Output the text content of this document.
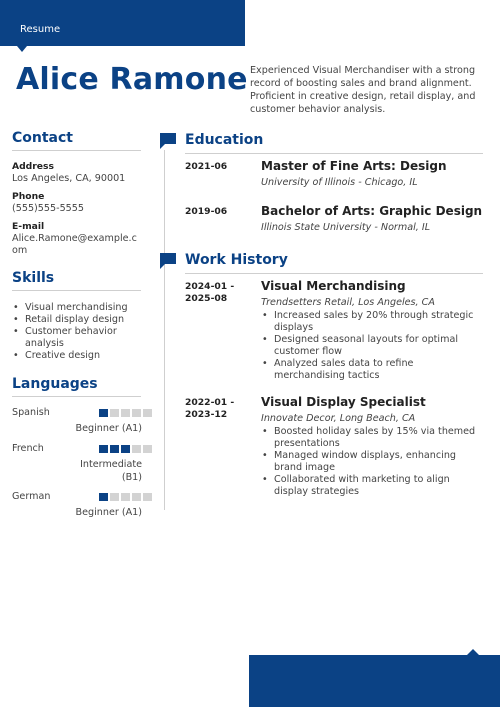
Resume
Alice Ramone Experienced Visual Merchandiser with a strong record of boosting sales and brand alignment. Proficient in creative design, retail display, and customer behavior analysis.
Contact
Address
Los Angeles, CA, 90001
Phone
(555)555-5555
E-mail
Alice.Ramone@example.com
Skills
• Visual merchandising
• Retail display design
• Customer behavior analysis
• Creative design
Languages
Spanish
Beginner (A1)
French
Intermediate (B1)
German
Beginner (A1)
Education
2021-06	Master of Fine Arts: Design
University of Illinois - Chicago, IL
2019-06	Bachelor of Arts: Graphic Design
Illinois State University - Normal, IL
Work History
2024-01 - 2025-08
Visual Merchandising
Trendsetters Retail, Los Angeles, CA
• Increased sales by 20% through strategic displays
• Designed seasonal layouts for optimal customer flow
• Analyzed sales data to refine merchandising tactics
2022-01 - 2023-12
Visual Display Specialist
Innovate Decor, Long Beach, CA
• Boosted holiday sales by 15% via themed presentations
• Managed window displays, enhancing brand image
• Collaborated with marketing to align display strategies
